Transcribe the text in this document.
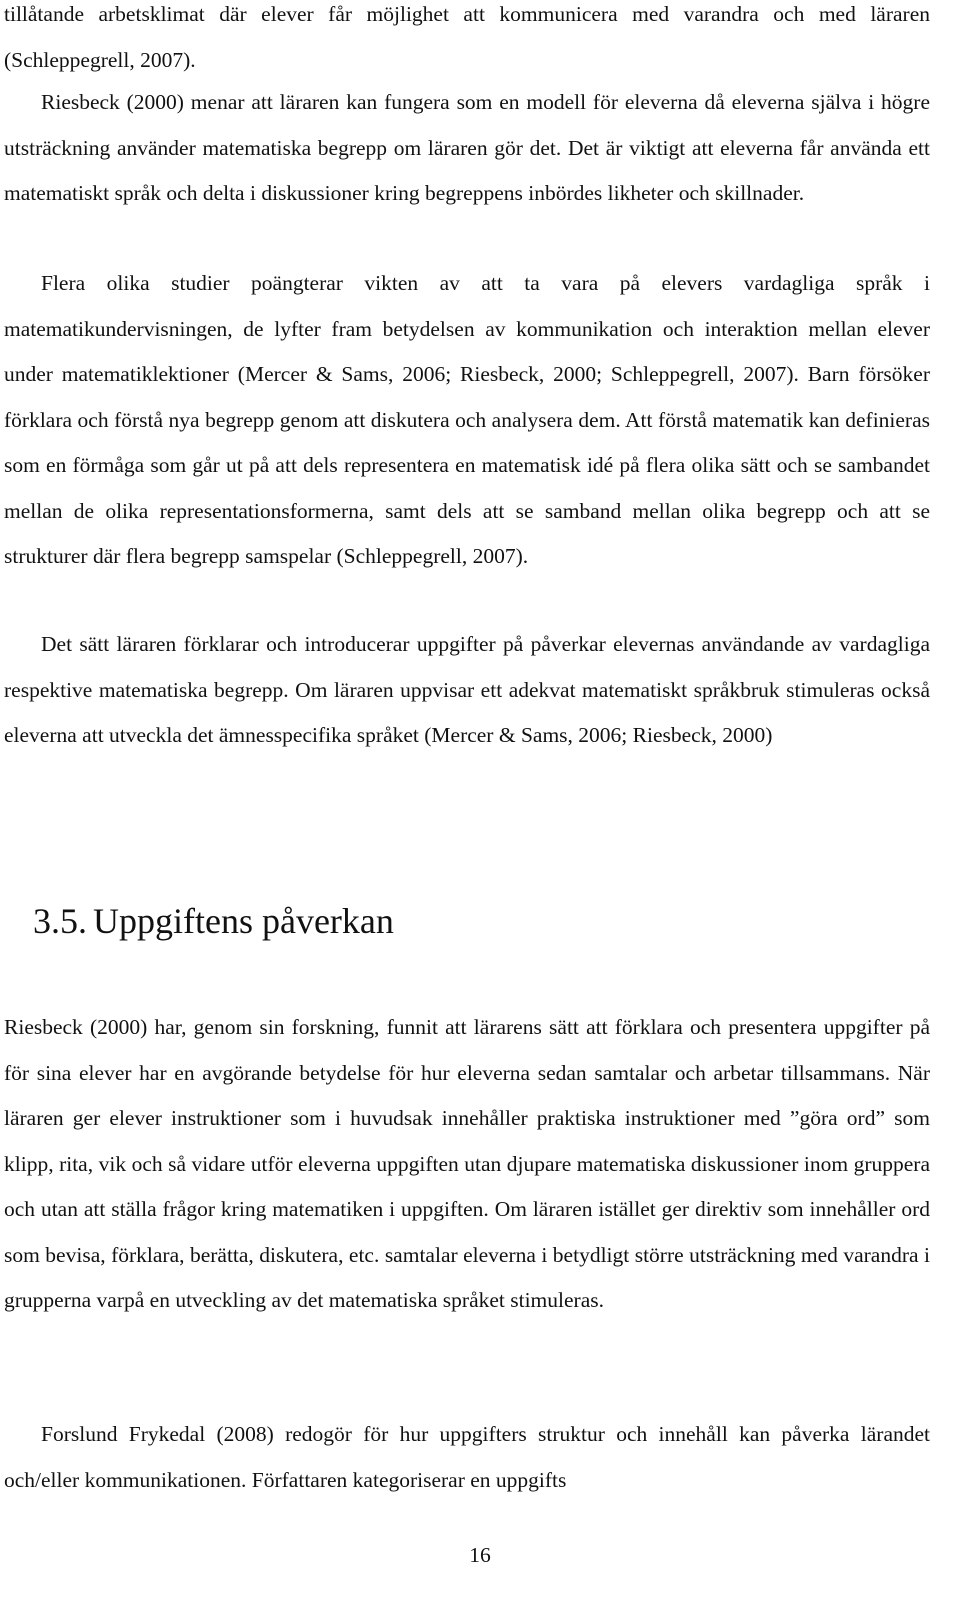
tillåtande arbetsklimat där elever får möjlighet att kommunicera med varandra och med läraren (Schleppegrell, 2007).

Riesbeck (2000) menar att läraren kan fungera som en modell för eleverna då eleverna själva i högre utsträckning använder matematiska begrepp om läraren gör det. Det är viktigt att eleverna får använda ett matematiskt språk och delta i diskussioner kring begreppens inbördes likheter och skillnader.

Flera olika studier poängterar vikten av att ta vara på elevers vardagliga språk i matematikundervisningen, de lyfter fram betydelsen av kommunikation och interaktion mellan elever under matematiklektioner (Mercer & Sams, 2006; Riesbeck, 2000; Schleppegrell, 2007). Barn försöker förklara och förstå nya begrepp genom att diskutera och analysera dem. Att förstå matematik kan definieras som en förmåga som går ut på att dels representera en matematisk idé på flera olika sätt och se sambandet mellan de olika representationsformerna, samt dels att se samband mellan olika begrepp och att se strukturer där flera begrepp samspelar (Schleppegrell, 2007).

Det sätt läraren förklarar och introducerar uppgifter på påverkar elevernas användande av vardagliga respektive matematiska begrepp. Om läraren uppvisar ett adekvat matematiskt språkbruk stimuleras också eleverna att utveckla det ämnesspecifika språket (Mercer & Sams, 2006; Riesbeck, 2000)

3.5. Uppgiftens påverkan

Riesbeck (2000) har, genom sin forskning, funnit att lärarens sätt att förklara och presentera uppgifter på för sina elever har en avgörande betydelse för hur eleverna sedan samtalar och arbetar tillsammans. När läraren ger elever instruktioner som i huvudsak innehåller praktiska instruktioner med ”göra ord” som klipp, rita, vik och så vidare utför eleverna uppgiften utan djupare matematiska diskussioner inom gruppera och utan att ställa frågor kring matematiken i uppgiften. Om läraren istället ger direktiv som innehåller ord som bevisa, förklara, berätta, diskutera, etc. samtalar eleverna i betydligt större utsträckning med varandra i grupperna varpå en utveckling av det matematiska språket stimuleras.

Forslund Frykedal (2008) redogör för hur uppgifters struktur och innehåll kan påverka lärandet och/eller kommunikationen. Författaren kategoriserar en uppgifts

16
